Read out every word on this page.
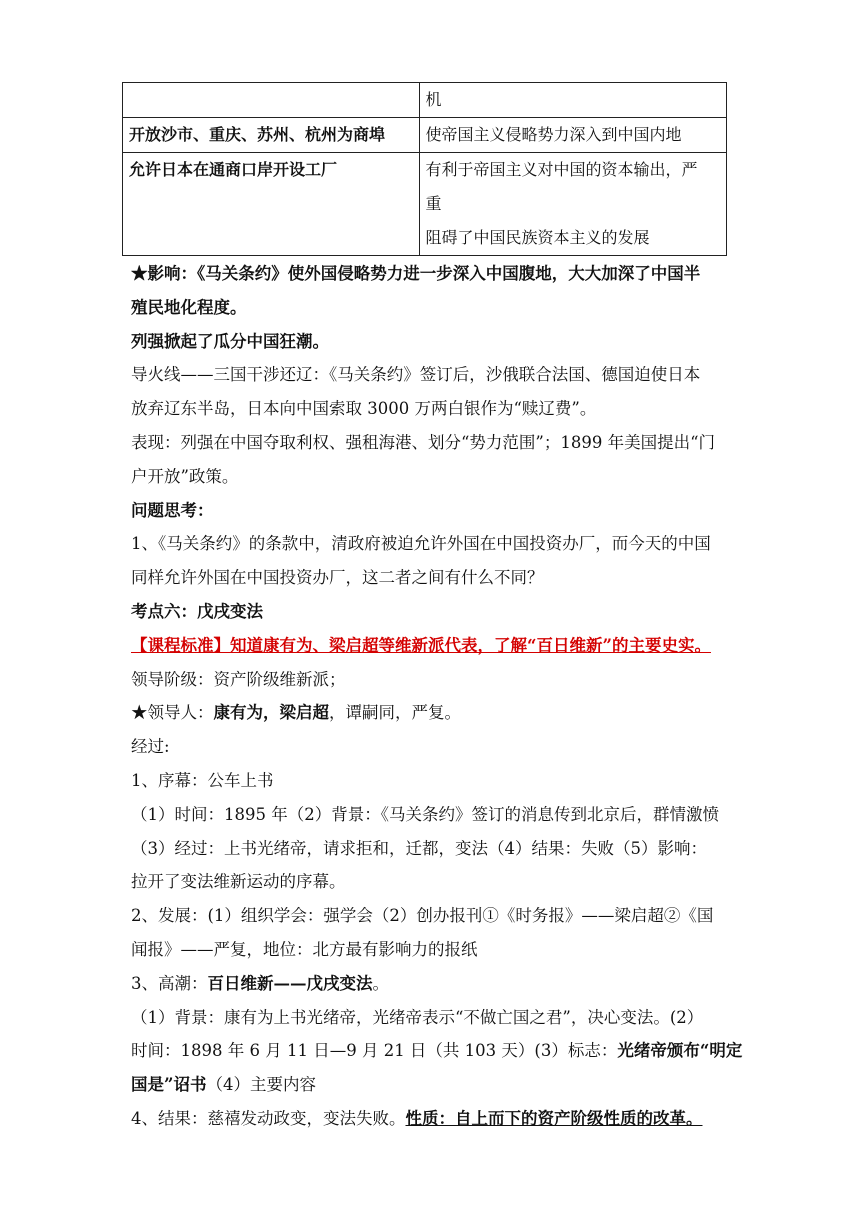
	机
开放沙市、重庆、苏州、杭州为商埠	使帝国主义侵略势力深入到中国内地
允许日本在通商口岸开设工厂	有利于帝国主义对中国的资本输出，严
重
阻碍了中国民族资本主义的发展

★影响：《马关条约》使外国侵略势力进一步深入中国腹地，大大加深了中国半

殖民地化程度。

列强掀起了瓜分中国狂潮。

导火线——三国干涉还辽：《马关条约》签订后，沙俄联合法国、德国迫使日本

放弃辽东半岛，日本向中国索取 3000 万两白银作为“赎辽费”。

表现：列强在中国夺取利权、强租海港、划分“势力范围”；1899 年美国提出“门

户开放”政策。

问题思考：

1、《马关条约》的条款中，清政府被迫允许外国在中国投资办厂，而今天的中国

同样允许外国在中国投资办厂，这二者之间有什么不同？

考点六：戊戌变法

【课程标准】知道康有为、梁启超等维新派代表，了解“百日维新”的主要史实。

领导阶级：资产阶级维新派；

★领导人：康有为，梁启超，谭嗣同，严复。

经过:

1、序幕：公车上书

（1）时间：1895 年（2）背景：《马关条约》签订的消息传到北京后，群情激愤

（3）经过：上书光绪帝，请求拒和，迁都，变法（4）结果：失败（5）影响：

拉开了变法维新运动的序幕。

2、发展：(1）组织学会：强学会（2）创办报刊①《时务报》——梁启超②《国

闻报》——严复，地位：北方最有影响力的报纸

3、高潮：百日维新——戊戌变法。

（1）背景：康有为上书光绪帝，光绪帝表示“不做亡国之君”，决心变法。(2）

时间：1898 年 6 月 11 日—9 月 21 日（共 103 天）(3）标志：光绪帝颁布“明定

国是”诏书（4）主要内容

4、结果：慈禧发动政变，变法失败。性质：自上而下的资产阶级性质的改革。
